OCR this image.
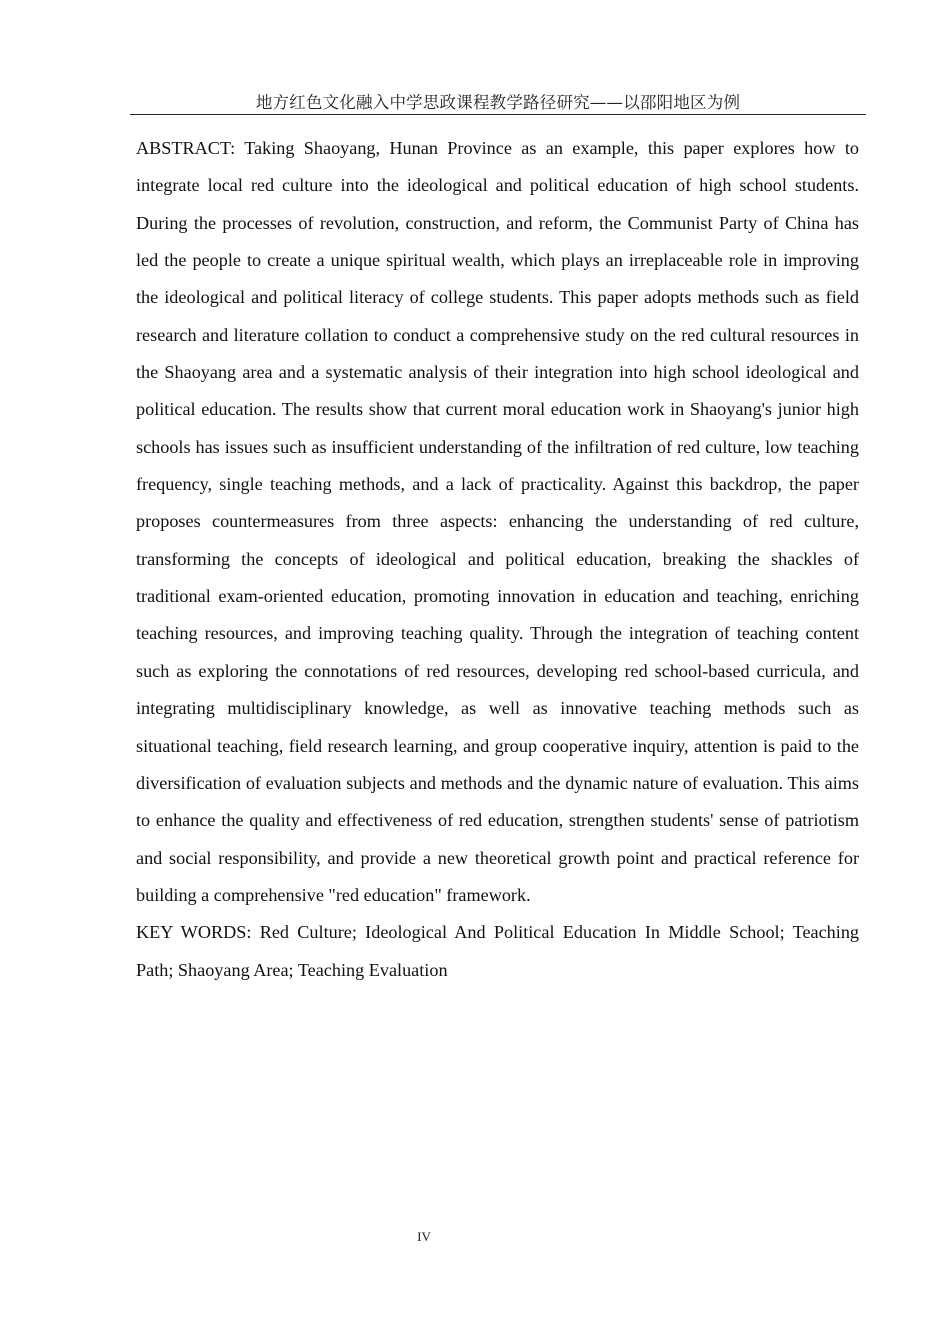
地方红色文化融入中学思政课程教学路径研究——以邵阳地区为例

ABSTRACT: Taking Shaoyang, Hunan Province as an example, this paper explores how to integrate local red culture into the ideological and political education of high school students. During the processes of revolution, construction, and reform, the Communist Party of China has led the people to create a unique spiritual wealth, which plays an irreplaceable role in improving the ideological and political literacy of college students. This paper adopts methods such as field research and literature collation to conduct a comprehensive study on the red cultural resources in the Shaoyang area and a systematic analysis of their integration into high school ideological and political education. The results show that current moral education work in Shaoyang's junior high schools has issues such as insufficient understanding of the infiltration of red culture, low teaching frequency, single teaching methods, and a lack of practicality. Against this backdrop, the paper proposes countermeasures from three aspects: enhancing the understanding of red culture, transforming the concepts of ideological and political education, breaking the shackles of traditional exam-oriented education, promoting innovation in education and teaching, enriching teaching resources, and improving teaching quality. Through the integration of teaching content such as exploring the connotations of red resources, developing red school-based curricula, and integrating multidisciplinary knowledge, as well as innovative teaching methods such as situational teaching, field research learning, and group cooperative inquiry, attention is paid to the diversification of evaluation subjects and methods and the dynamic nature of evaluation. This aims to enhance the quality and effectiveness of red education, strengthen students' sense of patriotism and social responsibility, and provide a new theoretical growth point and practical reference for building a comprehensive "red education" framework.

KEY WORDS: Red Culture; Ideological And Political Education In Middle School; Teaching Path; Shaoyang Area; Teaching Evaluation

IV
